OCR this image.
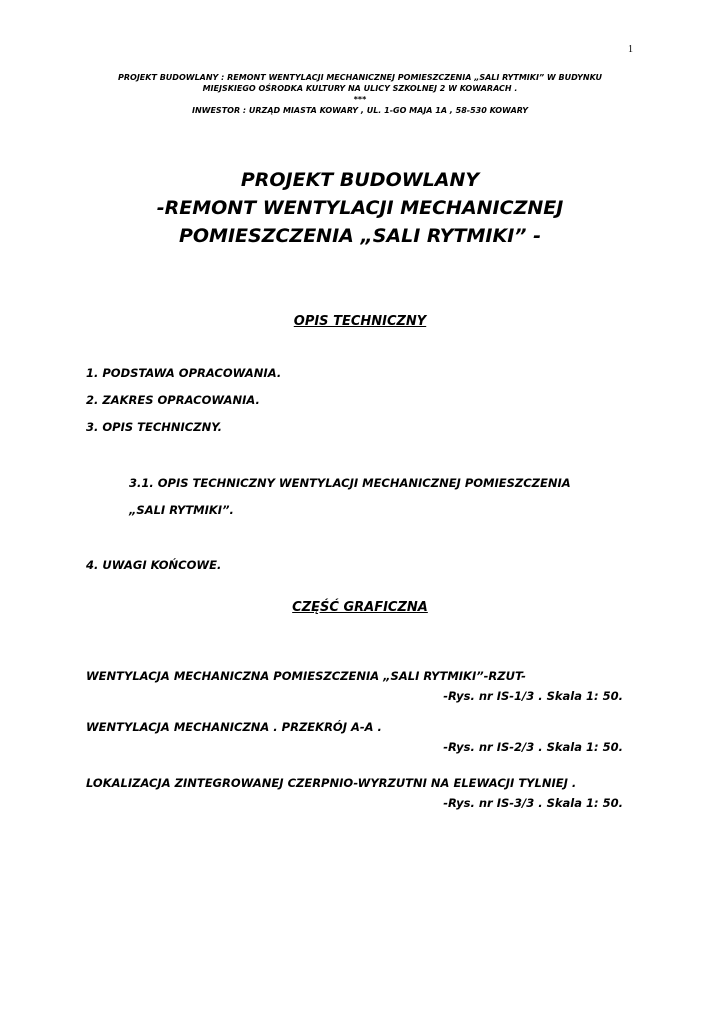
1
PROJEKT BUDOWLANY : REMONT WENTYLACJI MECHANICZNEJ POMIESZCZENIA „SALI RYTMIKI” W BUDYNKU
MIEJSKIEGO OŚRODKA KULTURY NA ULICY SZKOLNEJ 2 W KOWARACH .
***
INWESTOR : URZĄD MIASTA KOWARY , UL. 1-GO MAJA 1A , 58-530 KOWARY
PROJEKT BUDOWLANY
-REMONT WENTYLACJI MECHANICZNEJ
POMIESZCZENIA „SALI RYTMIKI” -
OPIS TECHNICZNY
1. PODSTAWA OPRACOWANIA.
2. ZAKRES OPRACOWANIA.
3. OPIS TECHNICZNY.
3.1. OPIS TECHNICZNY WENTYLACJI MECHANICZNEJ POMIESZCZENIA
„SALI RYTMIKI”.
4. UWAGI KOŃCOWE.
CZĘŚĆ GRAFICZNA
WENTYLACJA MECHANICZNA POMIESZCZENIA „SALI RYTMIKI”-RZUT-
-Rys. nr IS-1/3 . Skala 1: 50.
WENTYLACJA MECHANICZNA . PRZEKRÓJ A-A .
-Rys. nr IS-2/3 . Skala 1: 50.
LOKALIZACJA ZINTEGROWANEJ CZERPNIO-WYRZUTNI NA ELEWACJI TYLNIEJ .
-Rys. nr IS-3/3 . Skala 1: 50.
